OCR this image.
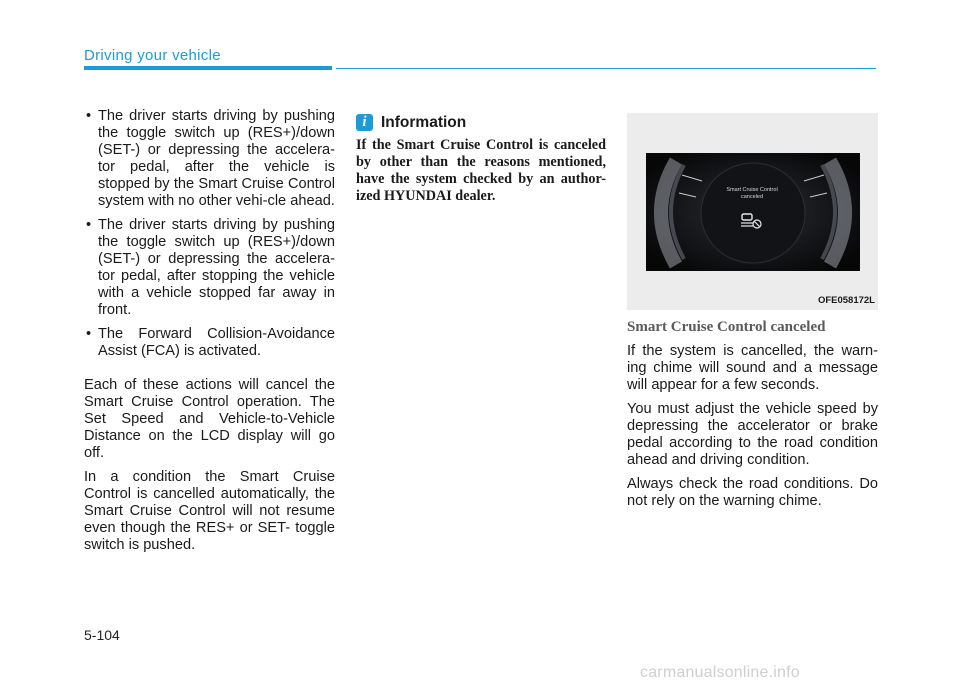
Driving your vehicle
• The driver starts driving by pushing the toggle switch up (RES+)/down (SET-) or depressing the accelera-tor pedal, after the vehicle is stopped by the Smart Cruise Control system with no other vehi-cle ahead.
• The driver starts driving by pushing the toggle switch up (RES+)/down (SET-) or depressing the accelera-tor pedal, after stopping the vehicle with a vehicle stopped far away in front.
• The Forward Collision-Avoidance Assist (FCA) is activated.

Each of these actions will cancel the Smart Cruise Control operation. The Set Speed and Vehicle-to-Vehicle Distance on the LCD display will go off.

In a condition the Smart Cruise Control is cancelled automatically, the Smart Cruise Control will not resume even though the RES+ or SET- toggle switch is pushed.

i Information
If the Smart Cruise Control is canceled by other than the reasons mentioned, have the system checked by an author-ized HYUNDAI dealer.	Smart Cruise Control
canceled
OFE058172L
Smart Cruise Control canceled

If the system is cancelled, the warn-ing chime will sound and a message will appear for a few seconds.

You must adjust the vehicle speed by depressing the accelerator or brake pedal according to the road condition ahead and driving condition.

Always check the road conditions. Do not rely on the warning chime.

5-104
carmanualsonline.info
